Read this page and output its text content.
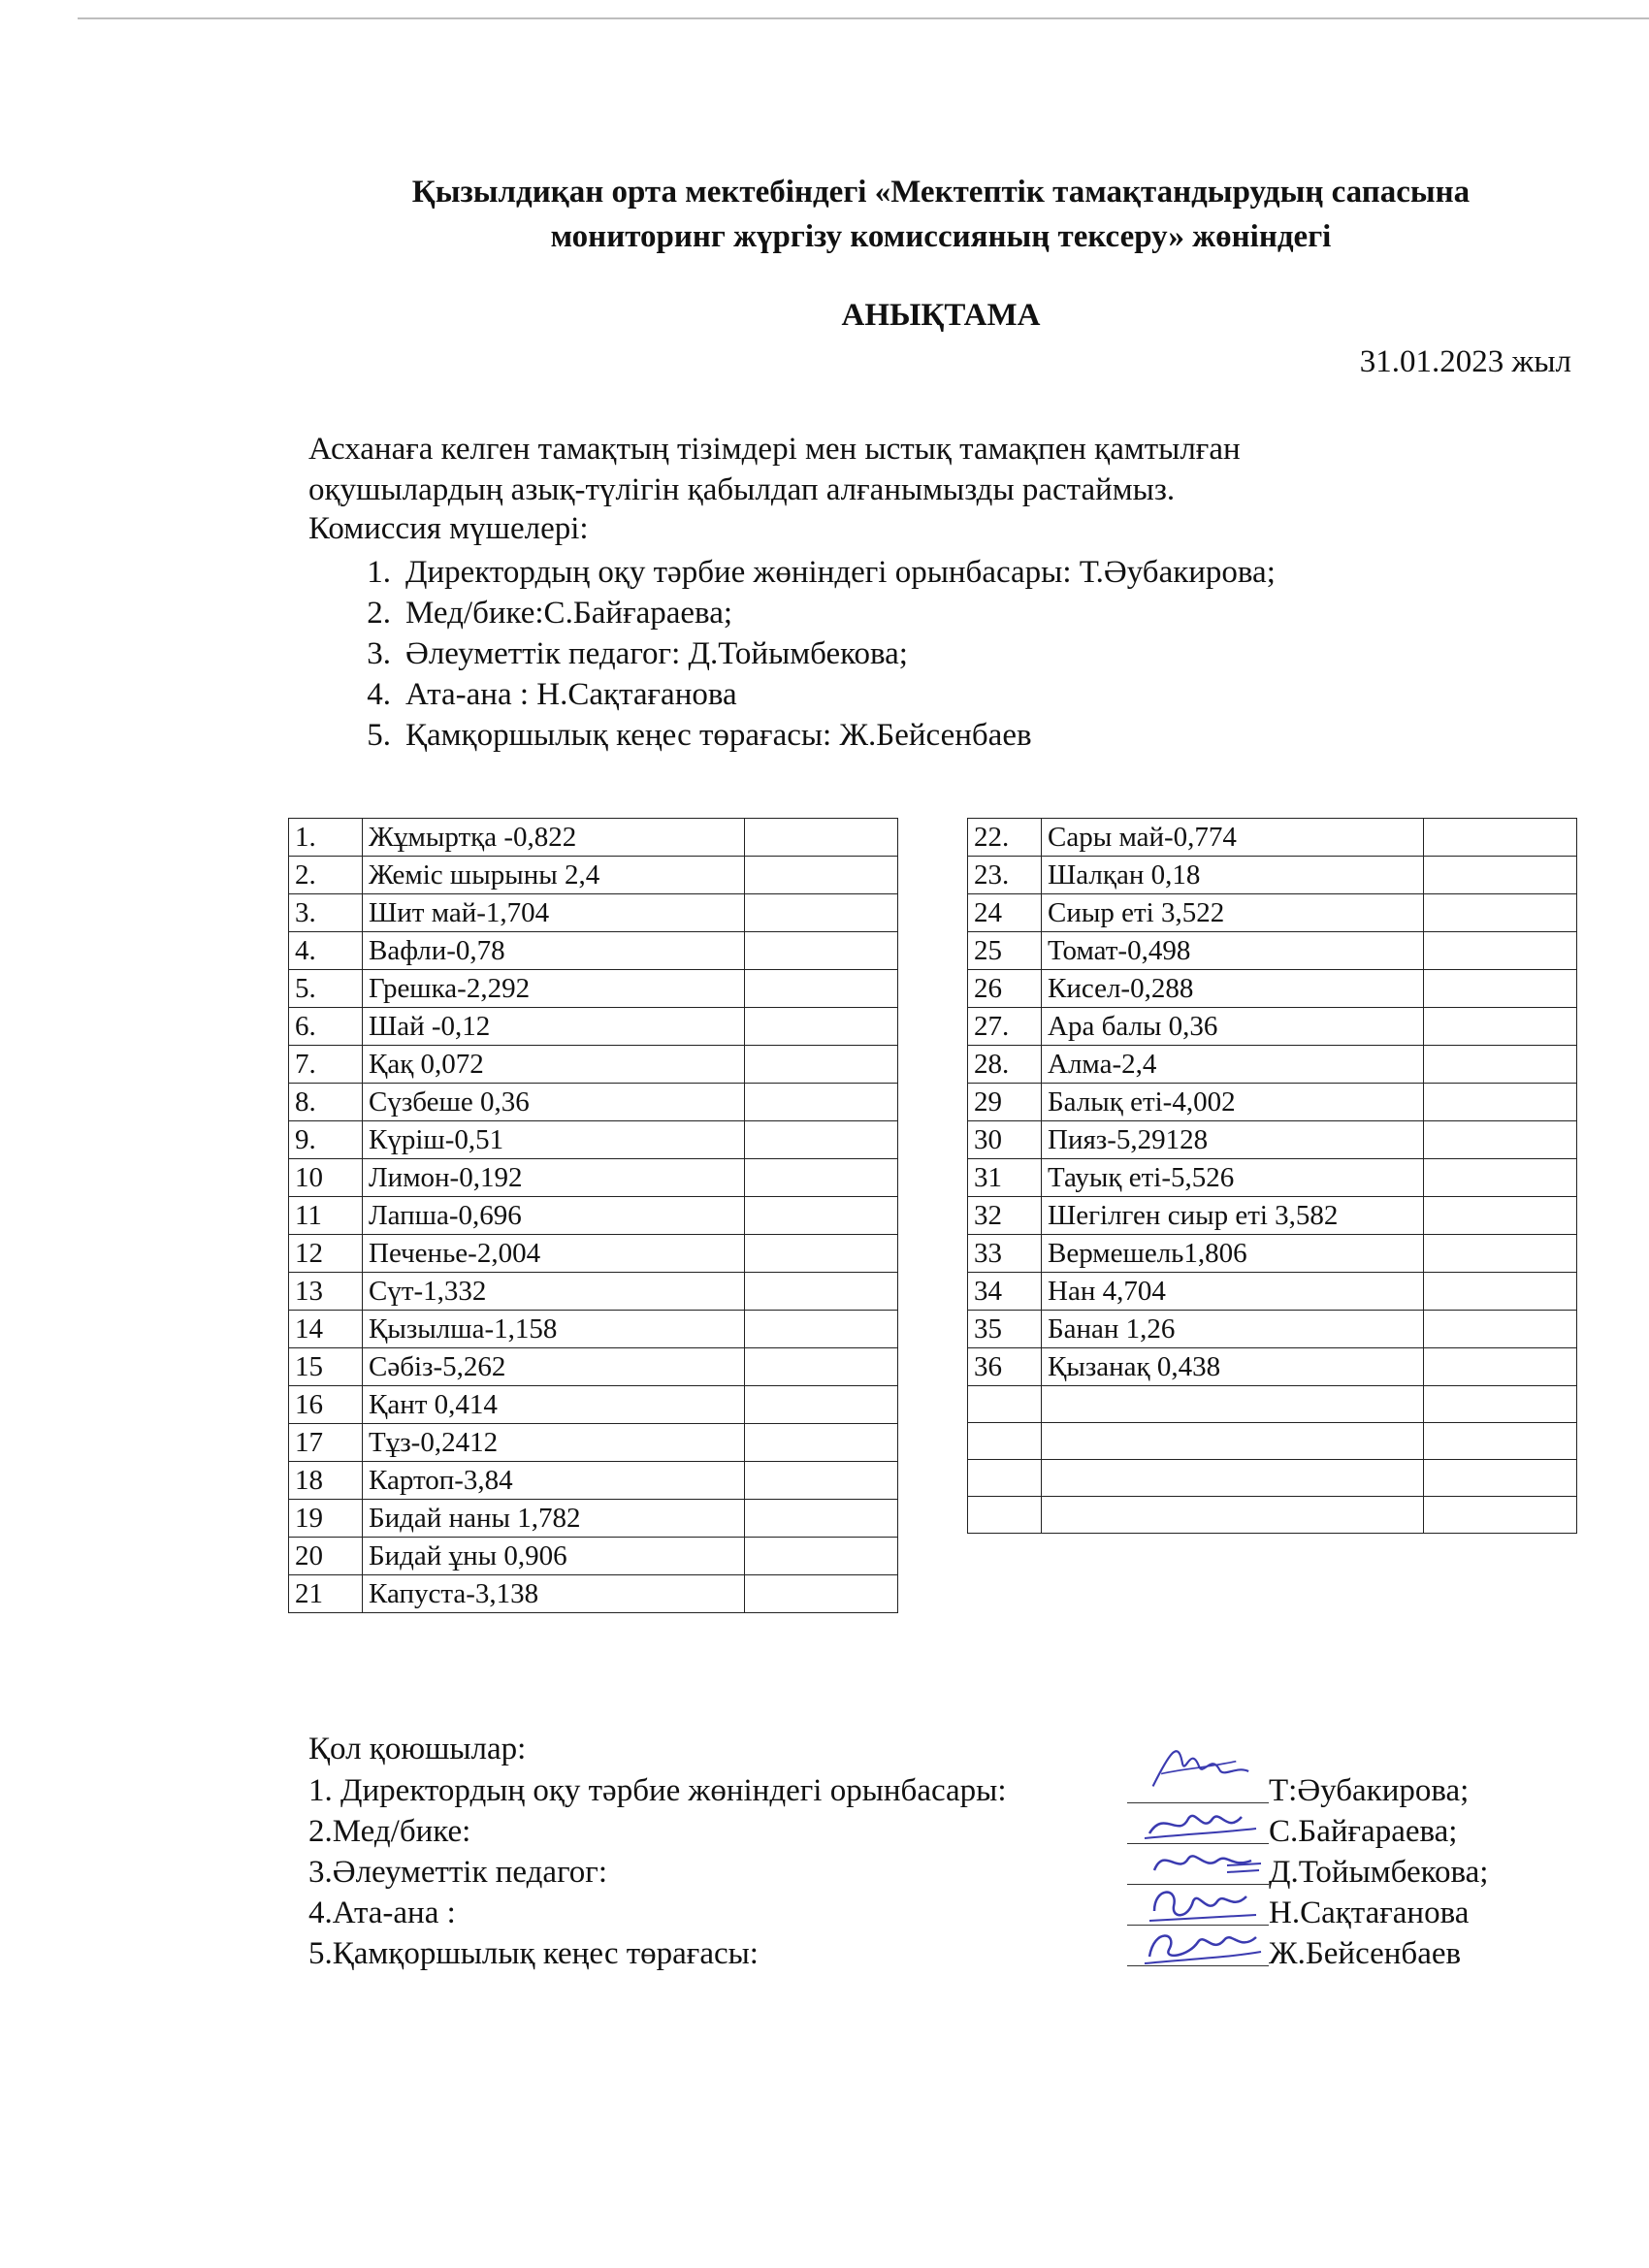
Қызылдиқан орта мектебіндегі «Мектептік тамақтандырудың сапасына
мониторинг жүргізу комиссияның тексеру» жөніндегі
АНЫҚТАМА
31.01.2023 жыл
Асханаға келген тамақтың тізімдері мен ыстық тамақпен қамтылған
оқушылардың азық-түлігін қабылдап алғанымызды растаймыз.
Комиссия мүшелері:
1. Директордың оқу тәрбие жөніндегі орынбасары: Т.Әубакирова;
2. Мед/бике:С.Байғараева;
3. Әлеуметтік педагог: Д.Тойымбекова;
4. Ата-ана : Н.Сақтағанова
5. Қамқоршылық кеңес төрағасы: Ж.Бейсенбаев
1.	Жұмыртқа -0,822	
2.	Жеміс шырыны 2,4	
3.	Шит май-1,704	
4.	Вафли-0,78	
5.	Грешка-2,292	
6.	Шай -0,12	
7.	Қақ 0,072	
8.	Сүзбеше 0,36	
9.	Күріш-0,51	
10	Лимон-0,192	
11	Лапша-0,696	
12	Печенье-2,004	
13	Сүт-1,332	
14	Қызылша-1,158	
15	Сәбіз-5,262	
16	Қант 0,414	
17	Тұз-0,2412	
18	Картоп-3,84	
19	Бидай наны 1,782	
20	Бидай ұны 0,906	
21	Капуста-3,138	
22.	Сары май-0,774	
23.	Шалқан 0,18	
24	Сиыр еті 3,522	
25	Томат-0,498	
26	Кисел-0,288	
27.	Ара балы 0,36	
28.	Алма-2,4	
29	Балық еті-4,002	
30	Пияз-5,29128	
31	Тауық еті-5,526	
32	Шегілген сиыр еті 3,582	
33	Вермешель1,806	
34	Нан 4,704	
35	Банан 1,26	
36	Қызанақ 0,438	

Қол қоюшылар:
1. Директордың оқу тәрбие жөніндегі орынбасары:	Т:Әубакирова;
2.Мед/бике:	С.Байғараева;
3.Әлеуметтік педагог:	Д.Тойымбекова;
4.Ата-ана :	Н.Сақтағанова
5.Қамқоршылық кеңес төрағасы:	Ж.Бейсенбаев
